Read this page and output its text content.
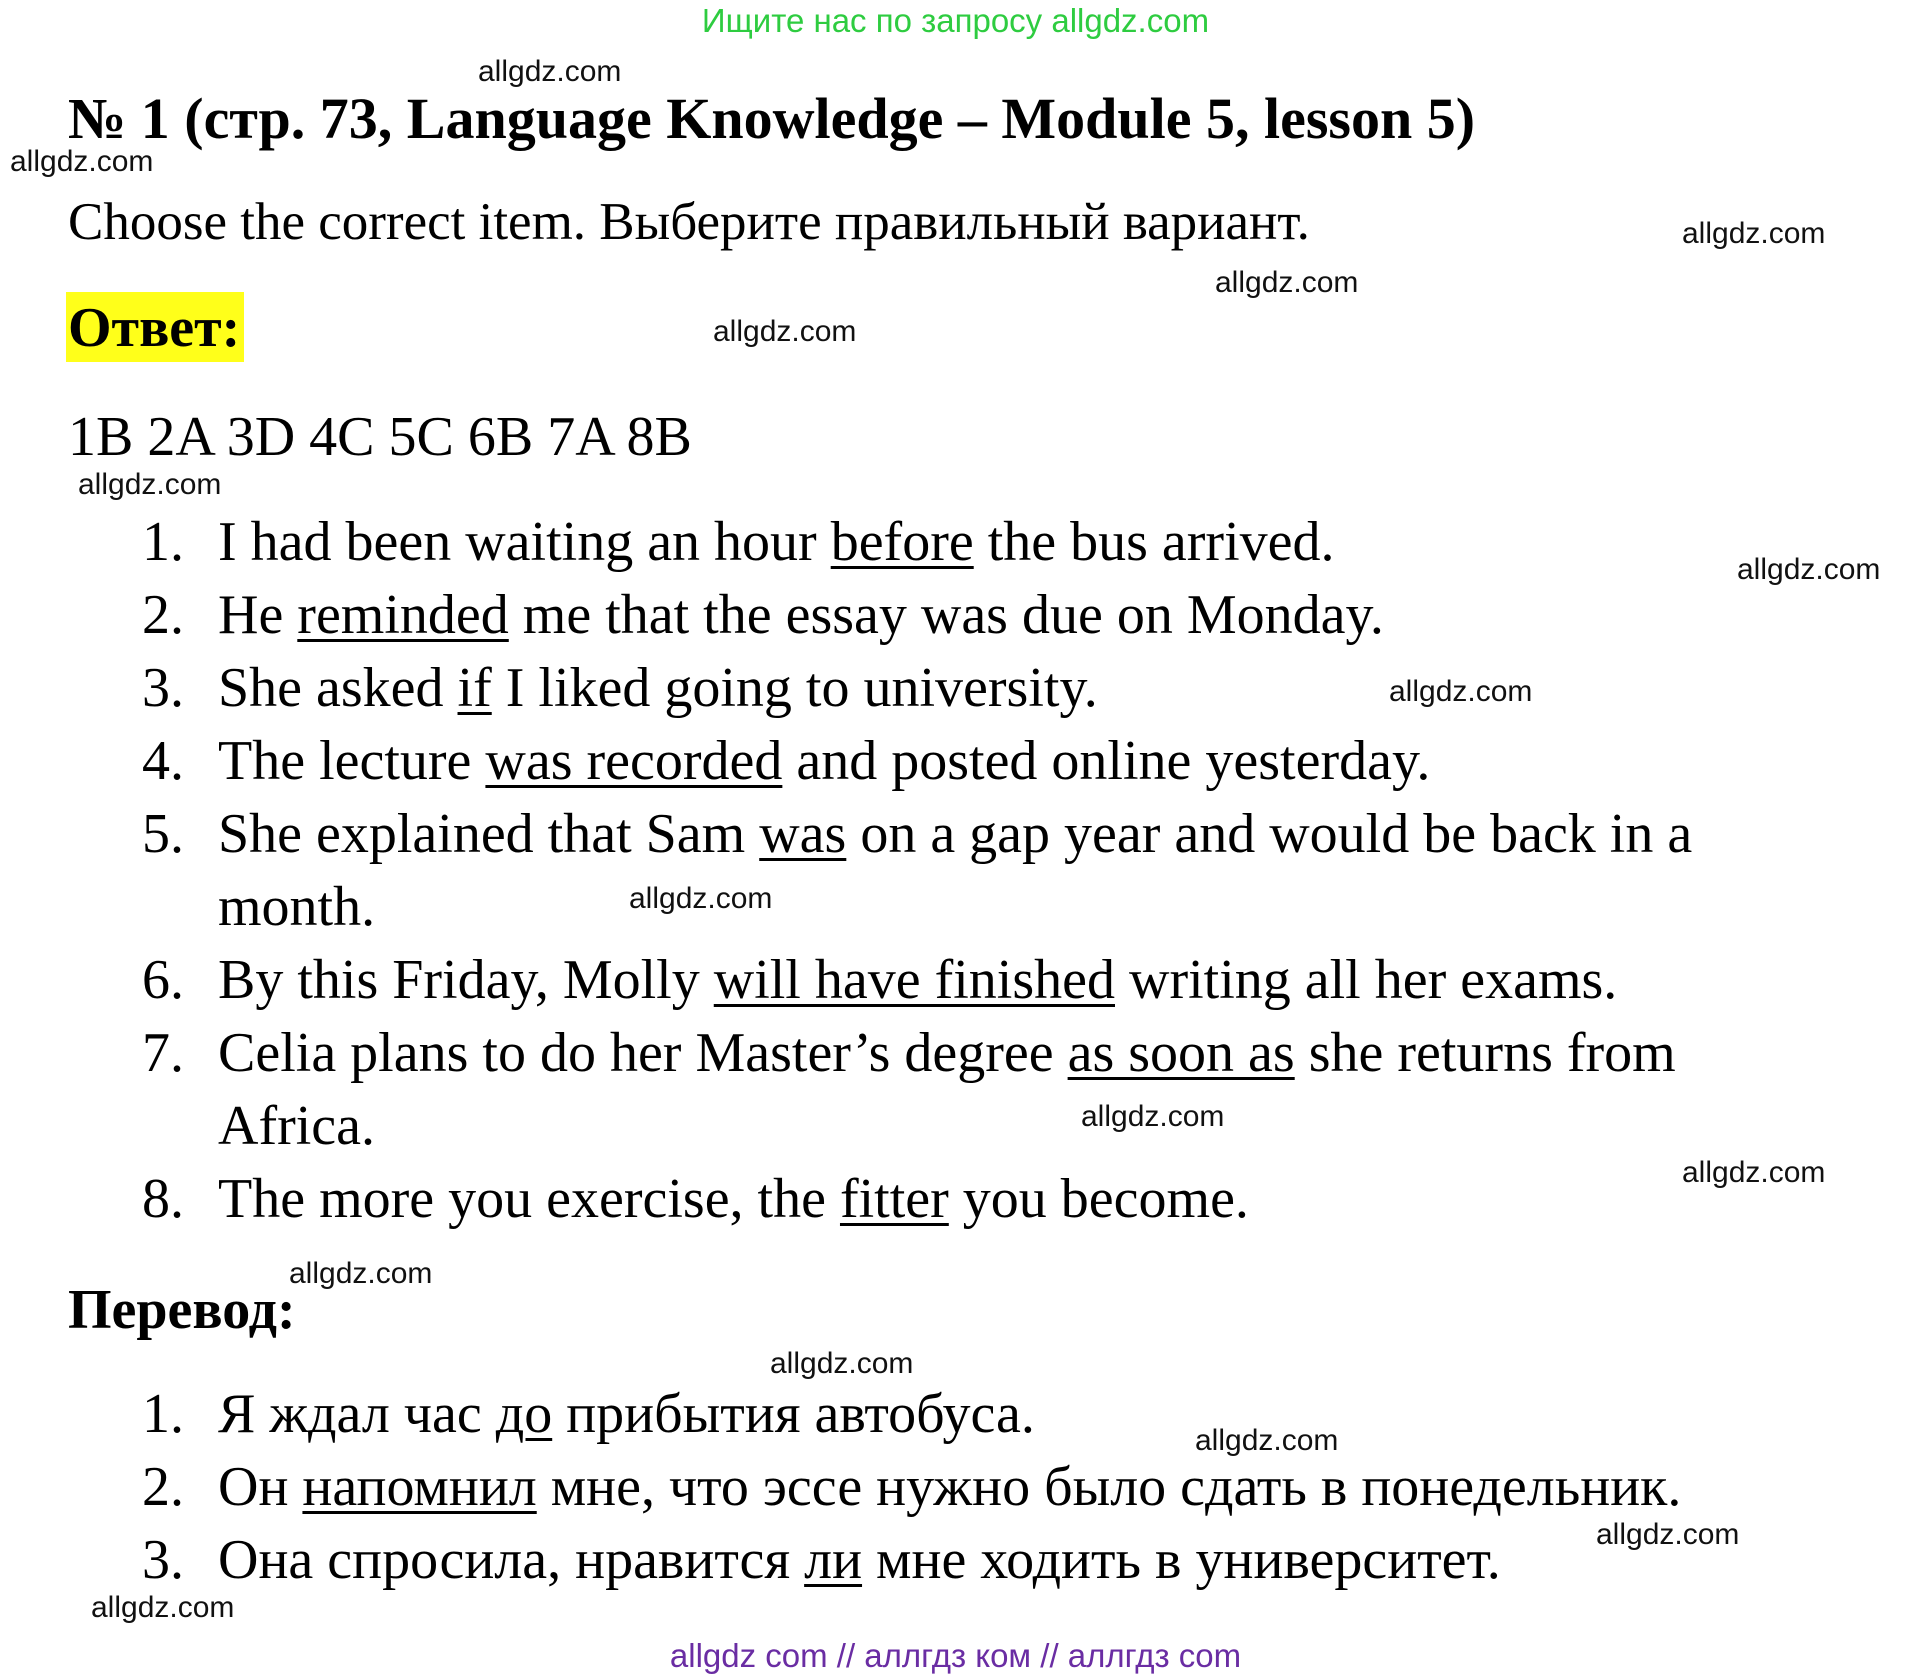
Ищите нас по запросу allgdz.com
allgdz.com
allgdz.com
allgdz.com
allgdz.com
allgdz.com
allgdz.com
allgdz.com
allgdz.com
allgdz.com
allgdz.com
allgdz.com
allgdz.com
allgdz.com
allgdz.com
allgdz.com
allgdz.com
№ 1 (стр. 73, Language Knowledge – Module 5, lesson 5)
Choose the correct item. Выберите правильный вариант.
Ответ:
1B 2A 3D 4C 5C 6B 7A 8B
1. I had been waiting an hour before the bus arrived.
2. He reminded me that the essay was due on Monday.
3. She asked if I liked going to university.
4. The lecture was recorded and posted online yesterday.
5. She explained that Sam was on a gap year and would be back in a month.
6. By this Friday, Molly will have finished writing all her exams.
7. Celia plans to do her Master’s degree as soon as she returns from Africa.
8. The more you exercise, the fitter you become.
Перевод:
1. Я ждал час до прибытия автобуса.
2. Он напомнил мне, что эссе нужно было сдать в понедельник.
3. Она спросила, нравится ли мне ходить в университет.
allgdz com // аллгдз ком // аллгдз com
